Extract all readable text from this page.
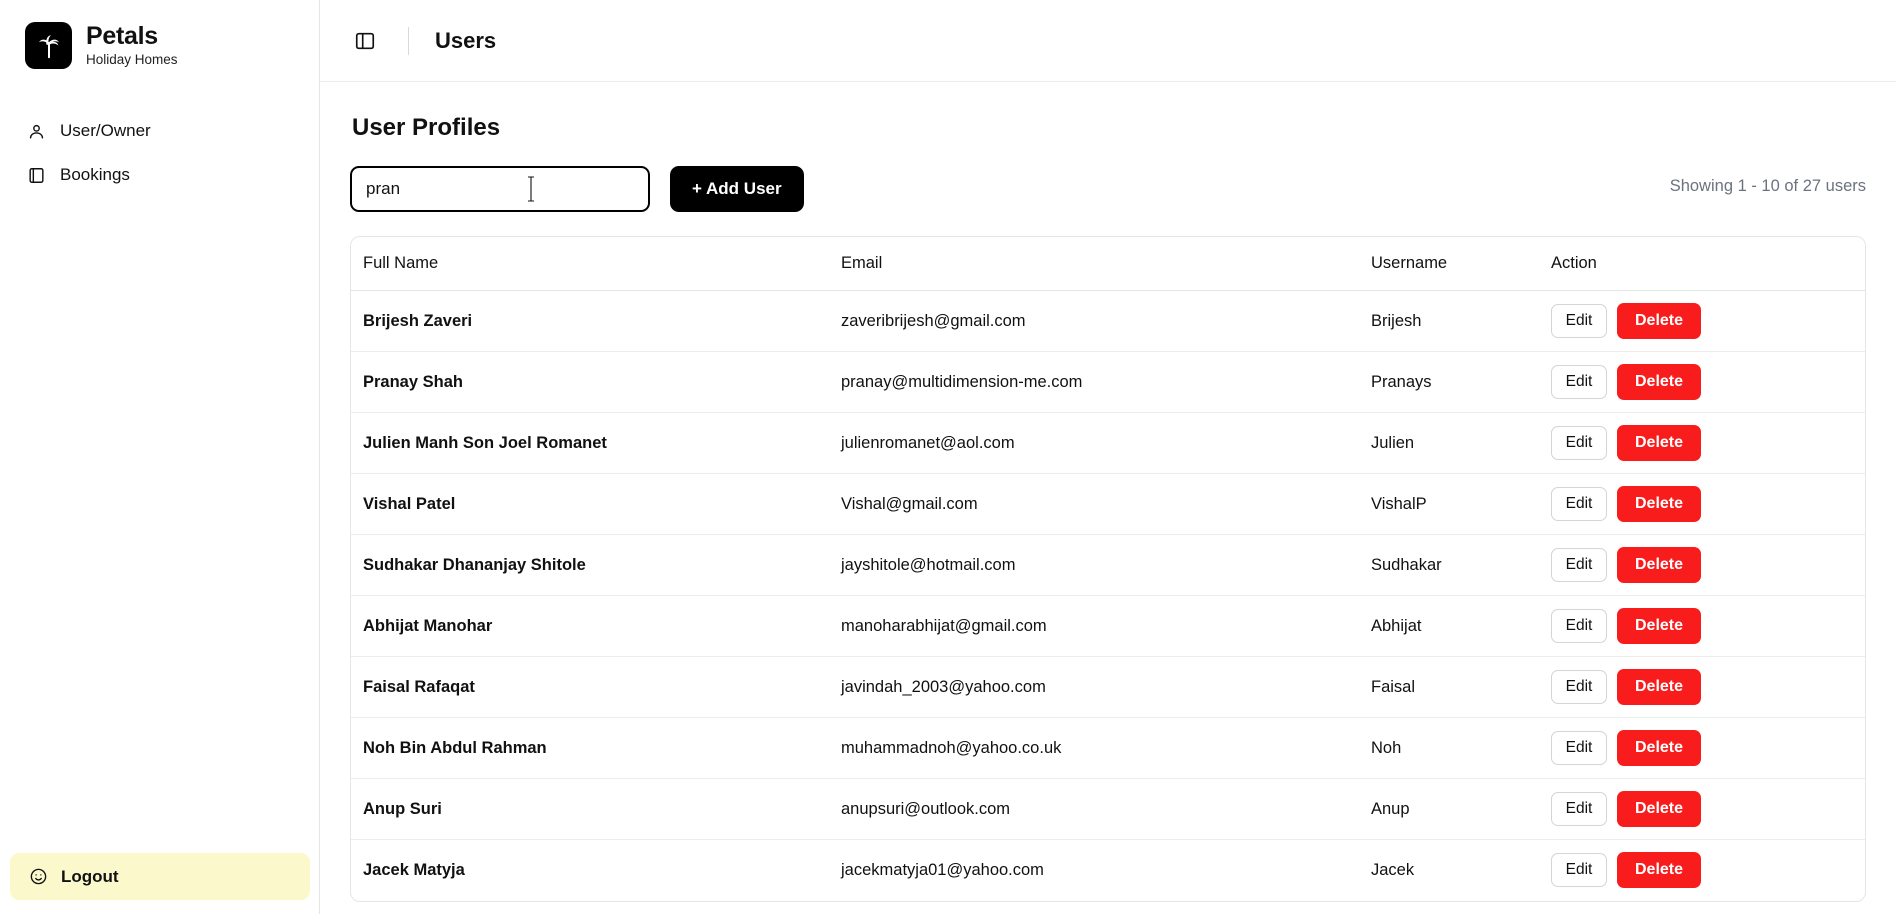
Petals
Holiday Homes
User/Owner
Bookings
Logout
Users
User Profiles
pran
+ Add User	Showing 1 - 10 of 27 users
Full Name	Email	Username	Action
Brijesh Zaveri	zaveribrijesh@gmail.com	Brijesh	Edit Delete

Pranay Shah	pranay@multidimension-me.com	Pranays	Edit Delete

Julien Manh Son Joel Romanet	julienromanet@aol.com	Julien	Edit Delete

Vishal Patel	Vishal@gmail.com	VishalP	Edit Delete

Sudhakar Dhananjay Shitole	jayshitole@hotmail.com	Sudhakar	Edit Delete

Abhijat Manohar	manoharabhijat@gmail.com	Abhijat	Edit Delete

Faisal Rafaqat	javindah_2003@yahoo.com	Faisal	Edit Delete

Noh Bin Abdul Rahman	muhammadnoh@yahoo.co.uk	Noh	Edit Delete

Anup Suri	anupsuri@outlook.com	Anup	Edit Delete

Jacek Matyja	jacekmatyja01@yahoo.com	Jacek	Edit Delete
